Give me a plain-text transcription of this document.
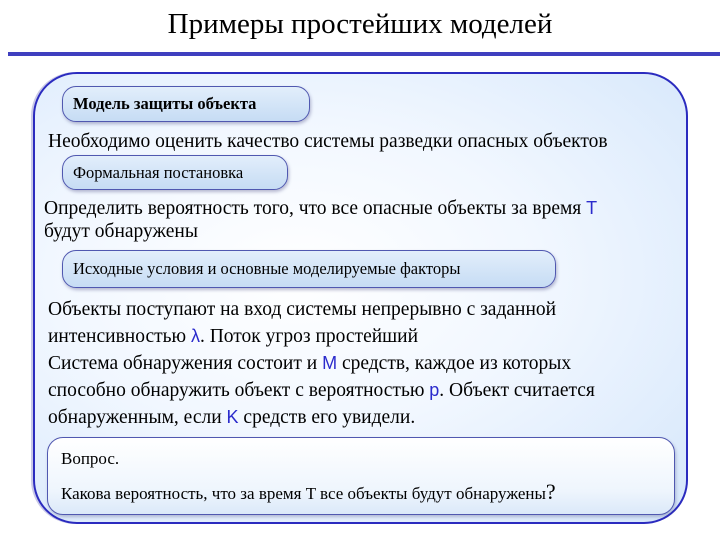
Примеры простейших моделей
Модель защиты объекта
Необходимо оценить качество системы разведки опасных объектов
Формальная постановка
Определить вероятность того, что все опасные объекты за время T
будут обнаружены
Исходные условия и основные моделируемые факторы
Объекты поступают на вход системы непрерывно с заданной
интенсивностью λ. Поток угроз простейший
Система обнаружения состоит и M средств, каждое из которых
способно обнаружить объект с вероятностью p. Объект считается
обнаруженным, если K средств его увидели.
Вопрос.
Какова вероятность, что за время T все объекты будут обнаружены?
